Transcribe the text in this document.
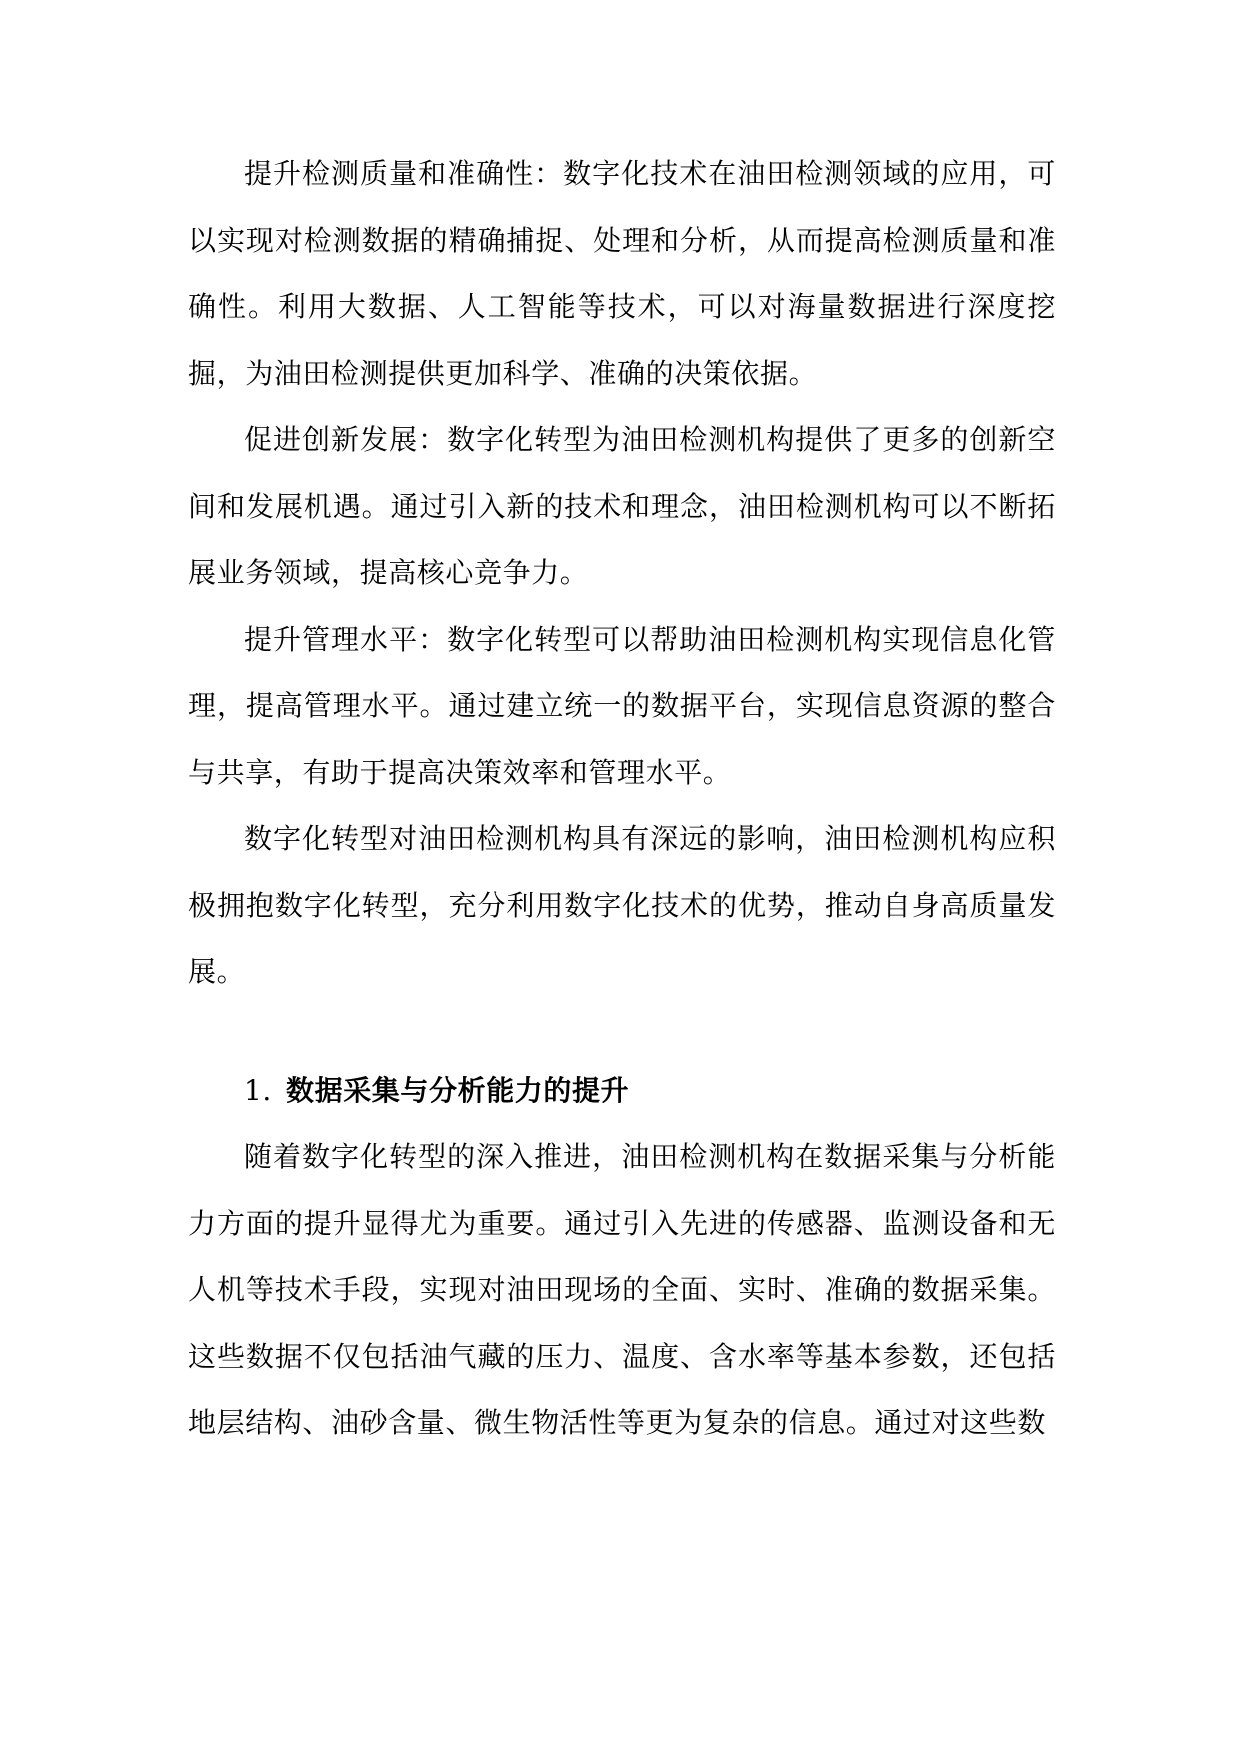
提升检测质量和准确性：数字化技术在油田检测领域的应用，可以实现对检测数据的精确捕捉、处理和分析，从而提高检测质量和准确性。利用大数据、人工智能等技术，可以对海量数据进行深度挖掘，为油田检测提供更加科学、准确的决策依据。

促进创新发展：数字化转型为油田检测机构提供了更多的创新空间和发展机遇。通过引入新的技术和理念，油田检测机构可以不断拓展业务领域，提高核心竞争力。

提升管理水平：数字化转型可以帮助油田检测机构实现信息化管理，提高管理水平。通过建立统一的数据平台，实现信息资源的整合与共享，有助于提高决策效率和管理水平。

数字化转型对油田检测机构具有深远的影响，油田检测机构应积极拥抱数字化转型，充分利用数字化技术的优势，推动自身高质量发展。

1. 数据采集与分析能力的提升

随着数字化转型的深入推进，油田检测机构在数据采集与分析能力方面的提升显得尤为重要。通过引入先进的传感器、监测设备和无人机等技术手段，实现对油田现场的全面、实时、准确的数据采集。这些数据不仅包括油气藏的压力、温度、含水率等基本参数，还包括地层结构、油砂含量、微生物活性等更为复杂的信息。通过对这些数
